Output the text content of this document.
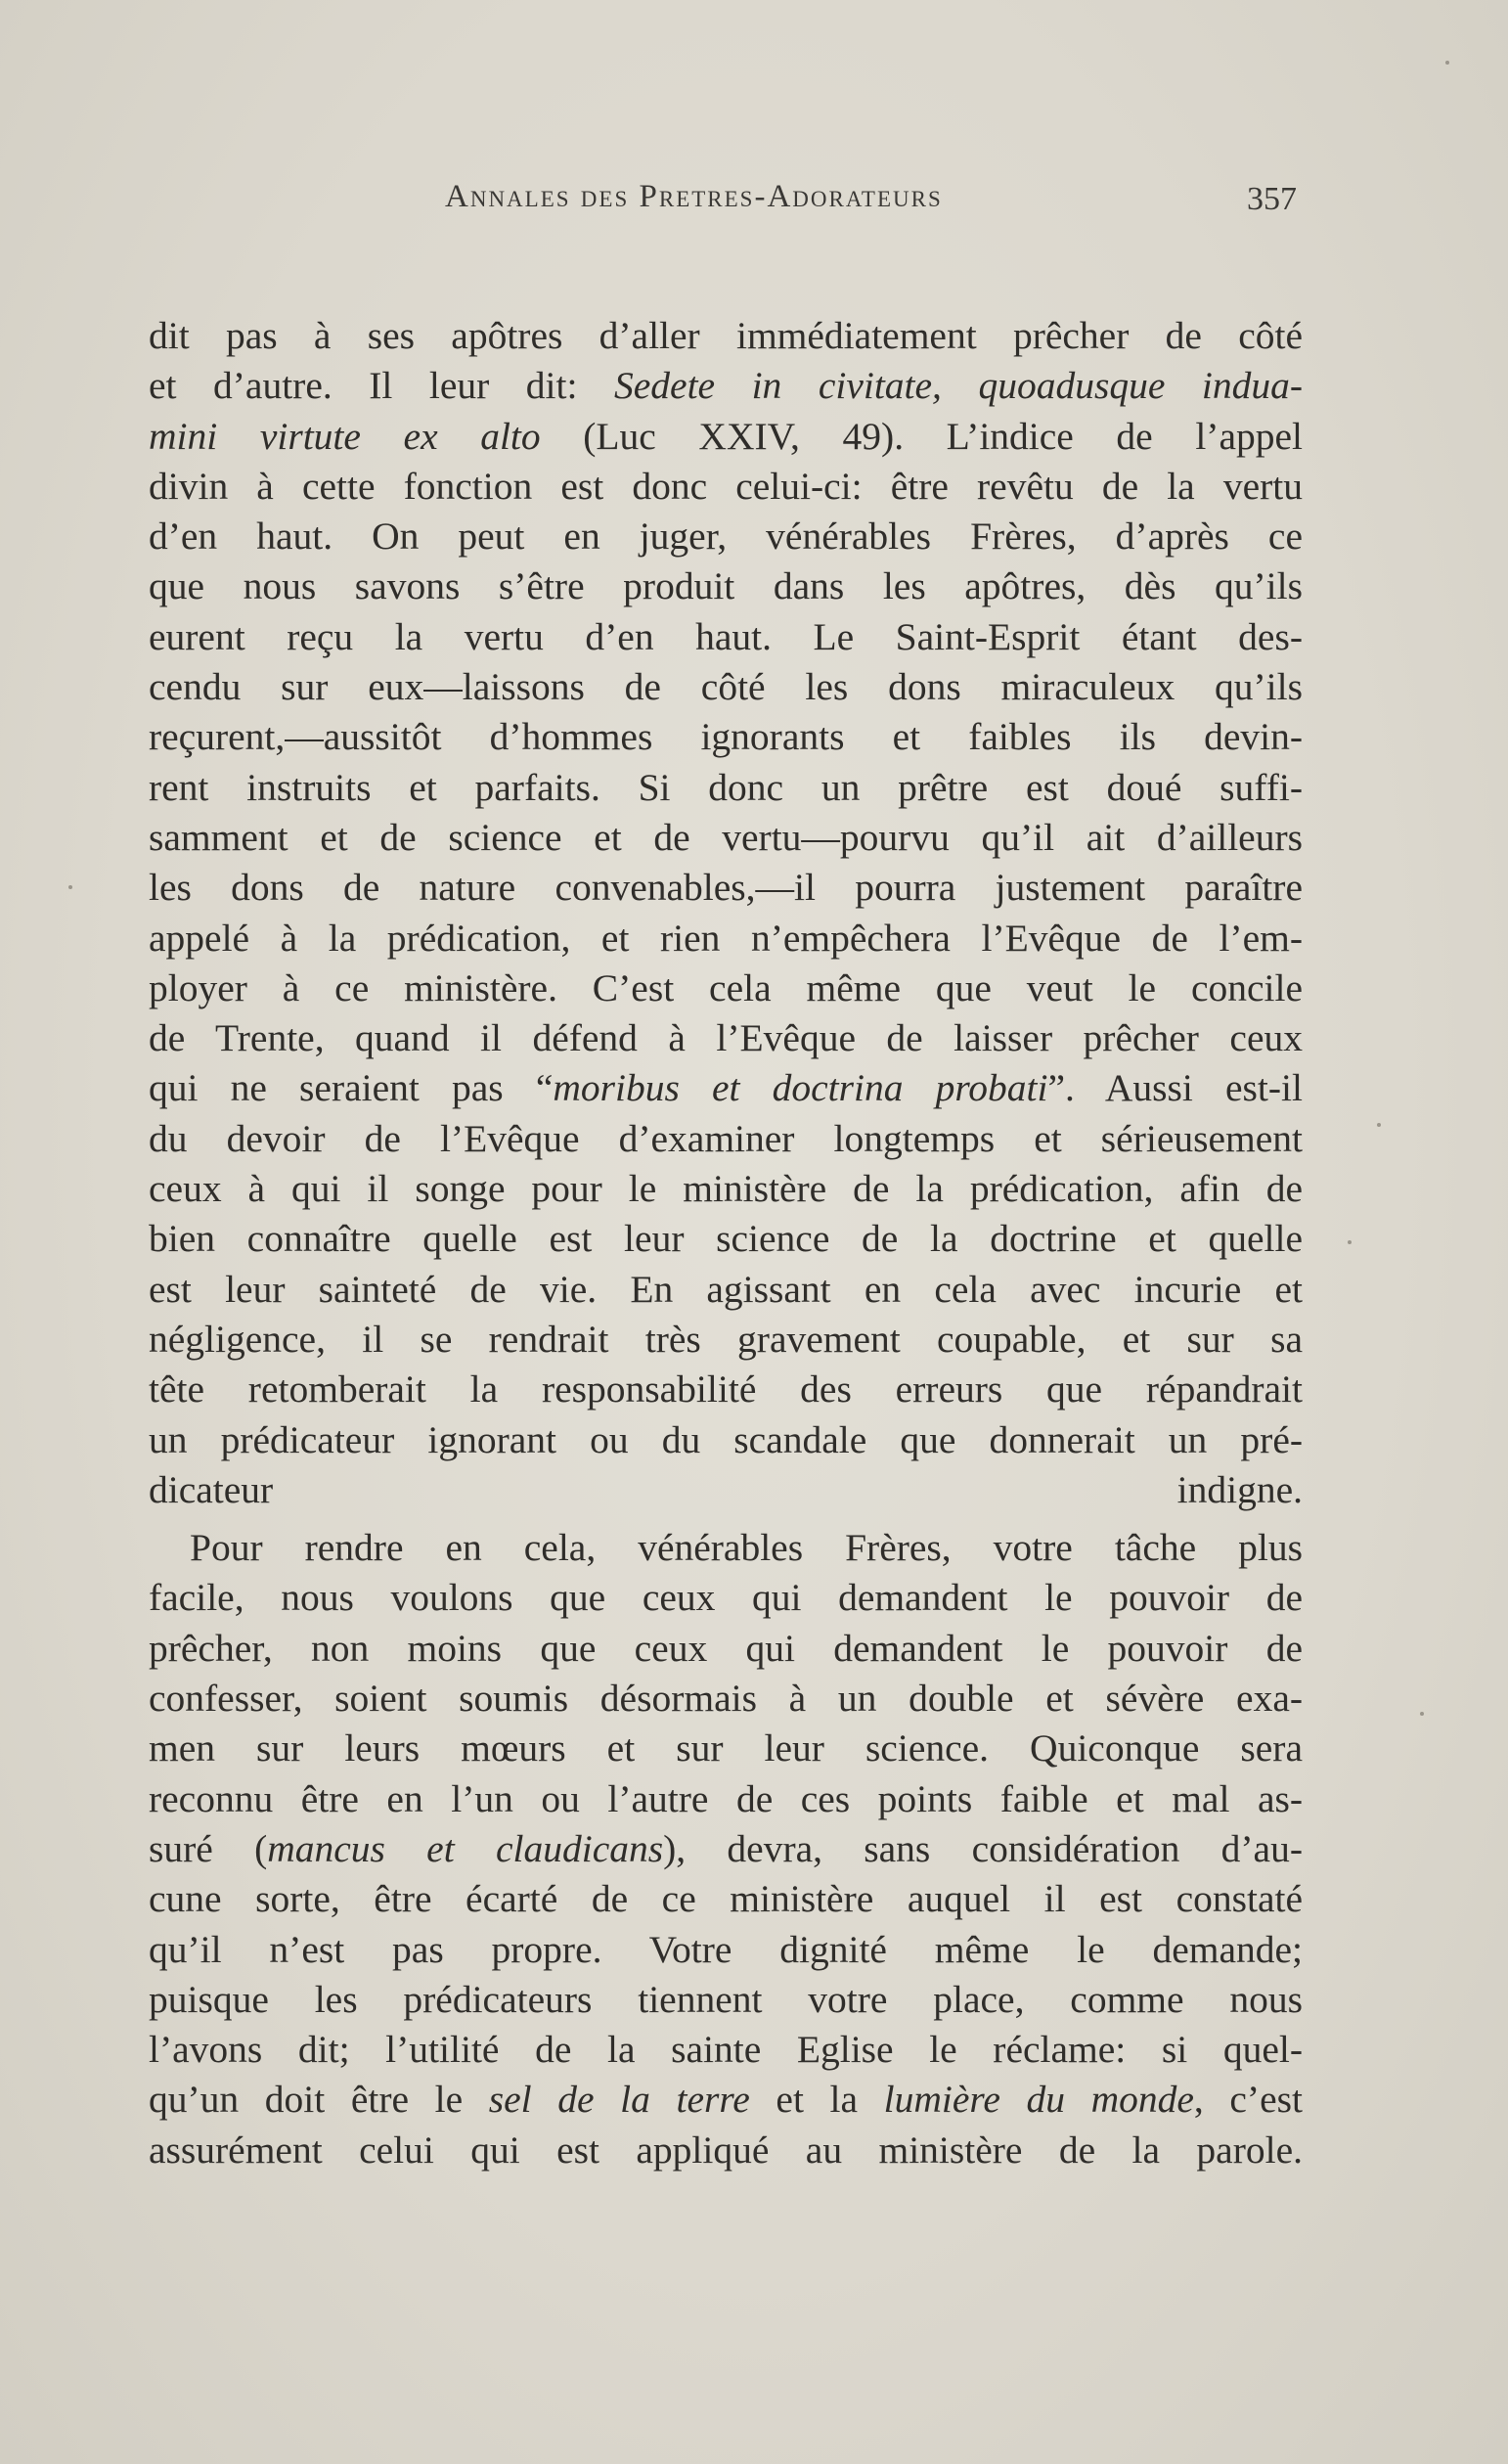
Annales des Pretres-Adorateurs	357

dit pas à ses apôtres d’aller immédiatement prêcher de côté
et d’autre. Il leur dit: Sedete in civitate, quoadusque indua-
mini virtute ex alto (Luc XXIV, 49). L’indice de l’appel
divin à cette fonction est donc celui-ci: être revêtu de la vertu
d’en haut. On peut en juger, vénérables Frères, d’après ce
que nous savons s’être produit dans les apôtres, dès qu’ils
eurent reçu la vertu d’en haut. Le Saint-Esprit étant des-
cendu sur eux—laissons de côté les dons miraculeux qu’ils
reçurent,—aussitôt d’hommes ignorants et faibles ils devin-
rent instruits et parfaits. Si donc un prêtre est doué suffi-
samment et de science et de vertu—pourvu qu’il ait d’ailleurs
les dons de nature convenables,—il pourra justement paraître
appelé à la prédication, et rien n’empêchera l’Evêque de l’em-
ployer à ce ministère. C’est cela même que veut le concile
de Trente, quand il défend à l’Evêque de laisser prêcher ceux
qui ne seraient pas “moribus et doctrina probati”. Aussi est-il
du devoir de l’Evêque d’examiner longtemps et sérieusement
ceux à qui il songe pour le ministère de la prédication, afin de
bien connaître quelle est leur science de la doctrine et quelle
est leur sainteté de vie. En agissant en cela avec incurie et
négligence, il se rendrait très gravement coupable, et sur sa
tête retomberait la responsabilité des erreurs que répandrait
un prédicateur ignorant ou du scandale que donnerait un pré-
dicateur indigne.

Pour rendre en cela, vénérables Frères, votre tâche plus
facile, nous voulons que ceux qui demandent le pouvoir de
prêcher, non moins que ceux qui demandent le pouvoir de
confesser, soient soumis désormais à un double et sévère exa-
men sur leurs mœurs et sur leur science. Quiconque sera
reconnu être en l’un ou l’autre de ces points faible et mal as-
suré (mancus et claudicans), devra, sans considération d’au-
cune sorte, être écarté de ce ministère auquel il est constaté
qu’il n’est pas propre. Votre dignité même le demande;
puisque les prédicateurs tiennent votre place, comme nous
l’avons dit; l’utilité de la sainte Eglise le réclame: si quel-
qu’un doit être le sel de la terre et la lumière du monde, c’est
assurément celui qui est appliqué au ministère de la parole.
